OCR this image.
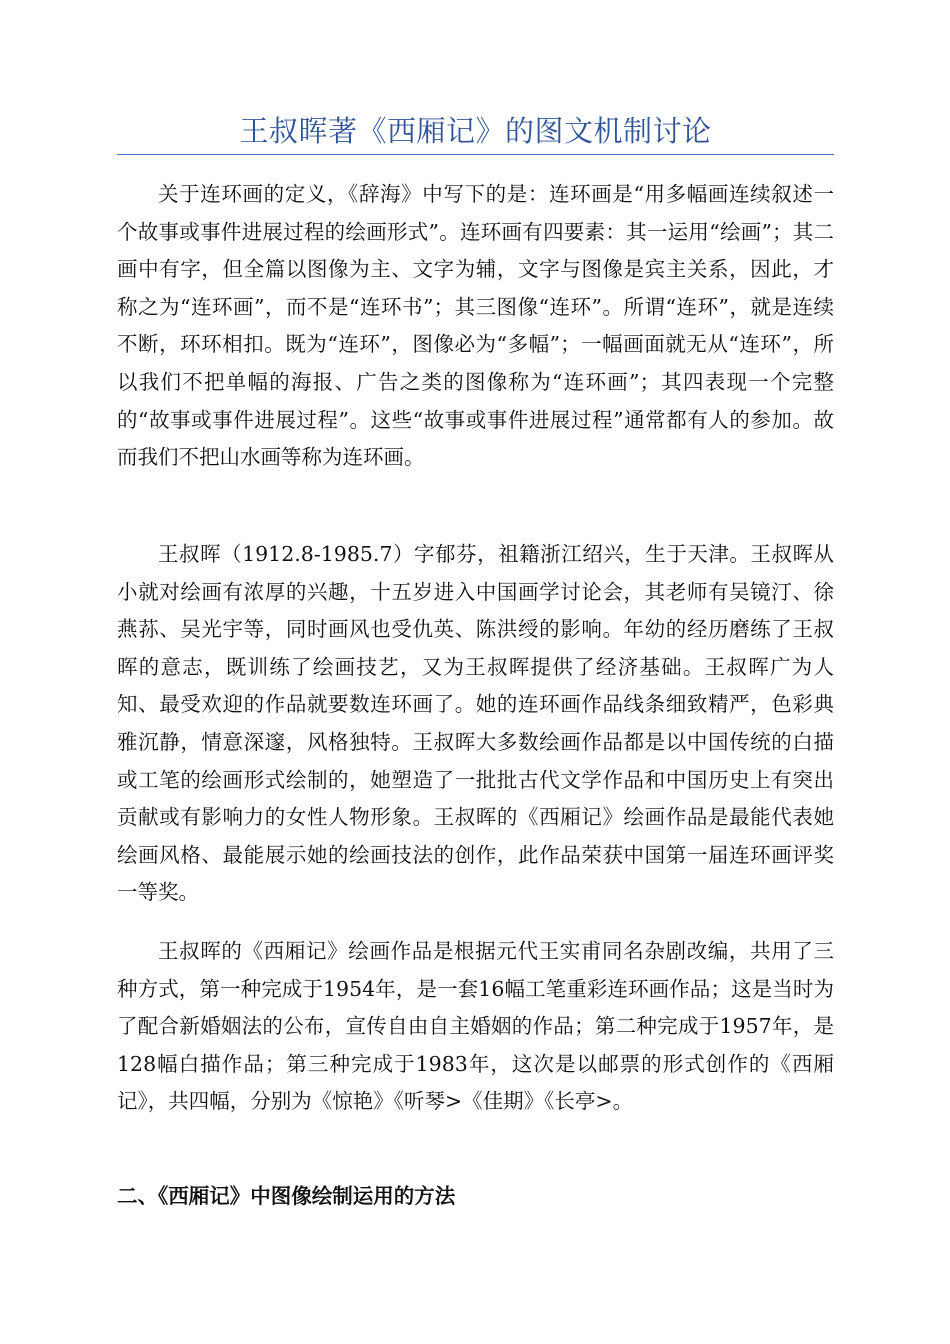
王叔晖著《西厢记》的图文机制讨论

关于连环画的定义，《辞海》中写下的是：连环画是“用多幅画连续叙述一个故事或事件进展过程的绘画形式”。连环画有四要素：其一运用“绘画”；其二画中有字，但全篇以图像为主、文字为辅，文字与图像是宾主关系，因此，才称之为“连环画”，而不是“连环书”；其三图像“连环”。所谓“连环”，就是连续不断，环环相扣。既为“连环”，图像必为“多幅”；一幅画面就无从“连环”，所以我们不把单幅的海报、广告之类的图像称为“连环画”；其四表现一个完整的“故事或事件进展过程”。这些“故事或事件进展过程”通常都有人的参加。故而我们不把山水画等称为连环画。

王叔晖（1912.8-1985.7）字郁芬，祖籍浙江绍兴，生于天津。王叔晖从小就对绘画有浓厚的兴趣，十五岁进入中国画学讨论会，其老师有吴镜汀、徐燕荪、吴光宇等，同时画风也受仇英、陈洪绶的影响。年幼的经历磨练了王叔晖的意志，既训练了绘画技艺，又为王叔晖提供了经济基础。王叔晖广为人知、最受欢迎的作品就要数连环画了。她的连环画作品线条细致精严，色彩典雅沉静，情意深邃，风格独特。王叔晖大多数绘画作品都是以中国传统的白描或工笔的绘画形式绘制的，她塑造了一批批古代文学作品和中国历史上有突出贡献或有影响力的女性人物形象。王叔晖的《西厢记》绘画作品是最能代表她绘画风格、最能展示她的绘画技法的创作，此作品荣获中国第一届连环画评奖一等奖。

王叔晖的《西厢记》绘画作品是根据元代王实甫同名杂剧改编，共用了三种方式，第一种完成于1954年，是一套16幅工笔重彩连环画作品；这是当时为了配合新婚姻法的公布，宣传自由自主婚姻的作品；第二种完成于1957年，是128幅白描作品；第三种完成于1983年，这次是以邮票的形式创作的《西厢记》，共四幅，分别为《惊艳》《听琴>《佳期》《长亭>。

二、《西厢记》中图像绘制运用的方法
